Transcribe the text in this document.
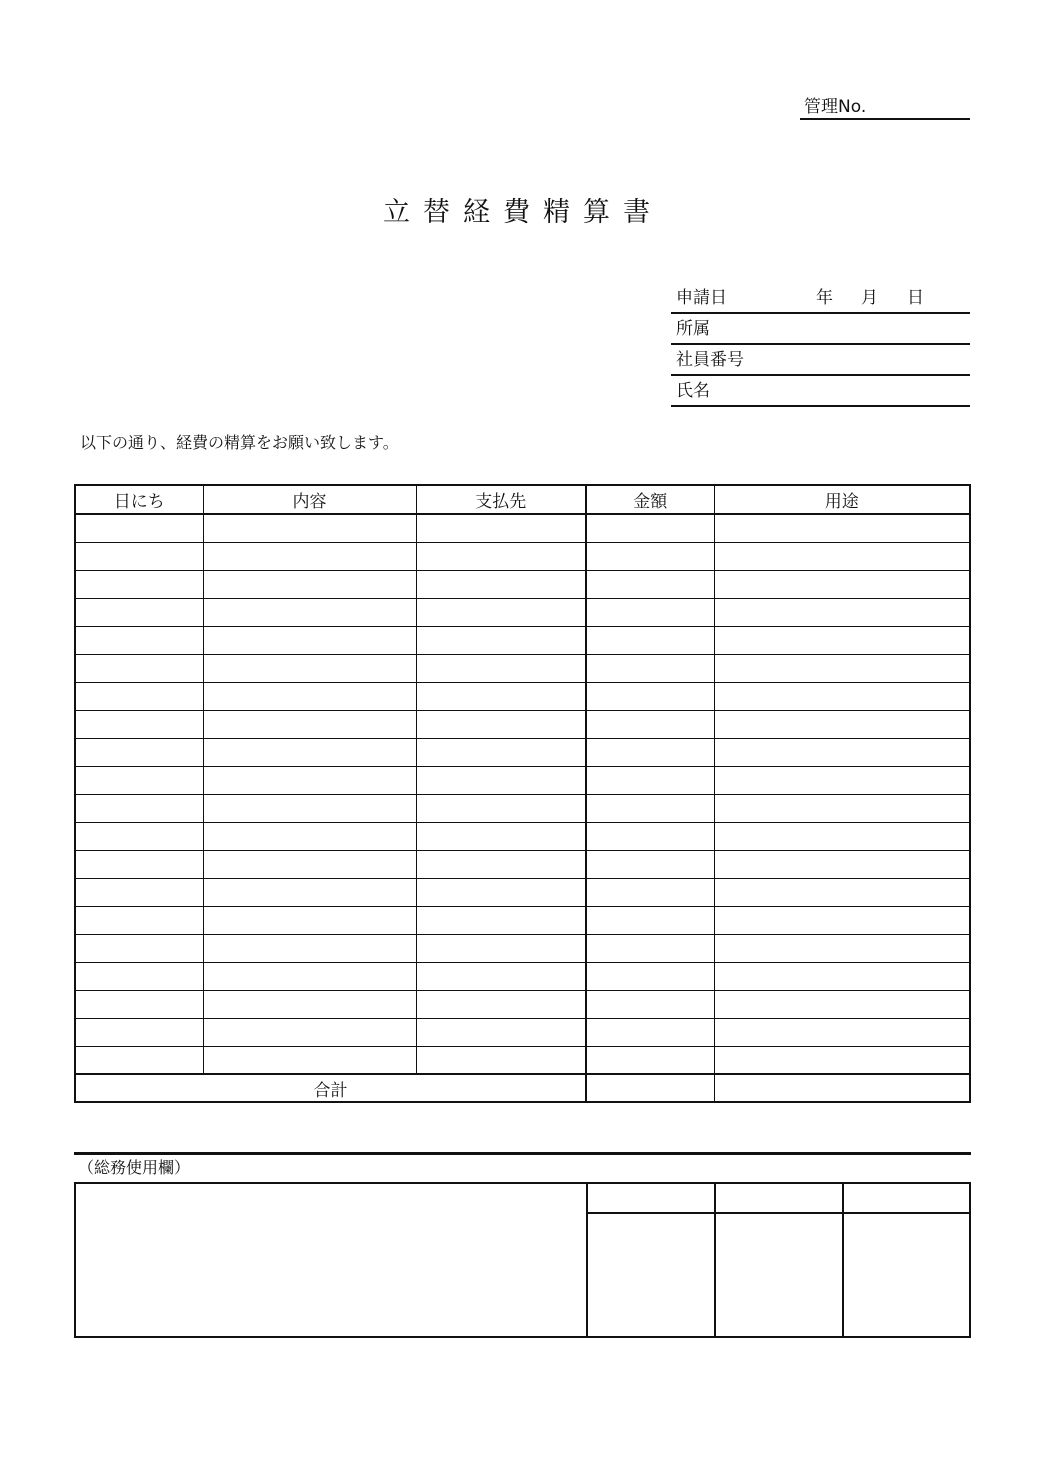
管理No.
立替経費精算書
申請日	年 月 日
所属
社員番号
氏名
以下の通り、経費の精算をお願い致します。
日にち	内容	支払先	金額	用途

合計				
（総務使用欄）
